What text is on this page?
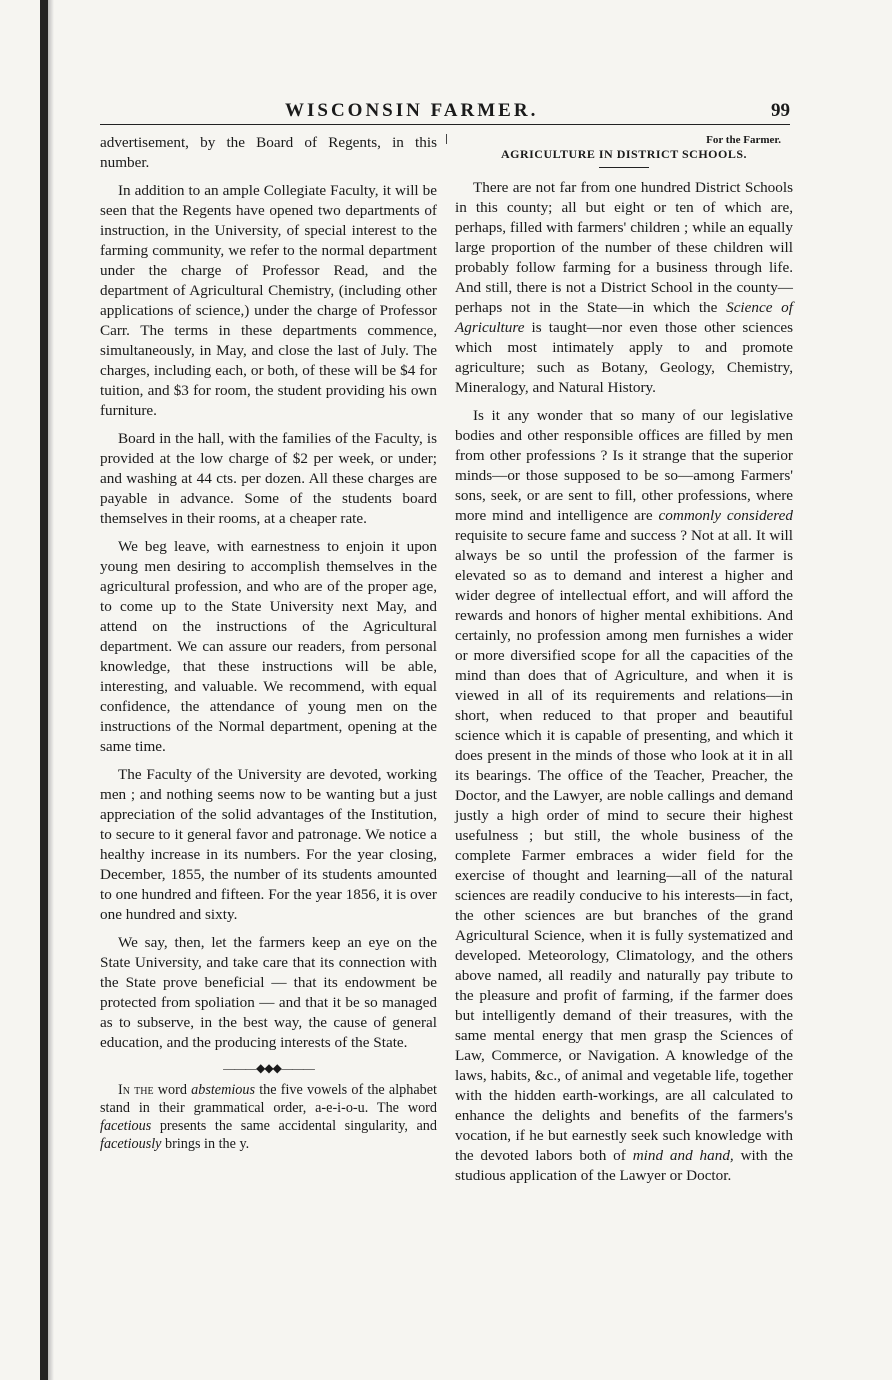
WISCONSIN FARMER.	99

advertisement, by the Board of Regents, in this number.

In addition to an ample Collegiate Faculty, it will be seen that the Regents have opened two departments of instruction, in the University, of special interest to the farming community, we refer to the normal department under the charge of Professor Read, and the department of Agricultural Chemistry, (including other applications of science,) under the charge of Professor Carr. The terms in these departments commence, simultaneously, in May, and close the last of July. The charges, including each, or both, of these will be $4 for tuition, and $3 for room, the student providing his own furniture.

Board in the hall, with the families of the Faculty, is provided at the low charge of $2 per week, or under; and washing at 44 cts. per dozen. All these charges are payable in advance. Some of the students board themselves in their rooms, at a cheaper rate.

We beg leave, with earnestness to enjoin it upon young men desiring to accomplish themselves in the agricultural profession, and who are of the proper age, to come up to the State University next May, and attend on the instructions of the Agricultural department. We can assure our readers, from personal knowledge, that these instructions will be able, interesting, and valuable. We recommend, with equal confidence, the attendance of young men on the instructions of the Normal department, opening at the same time.

The Faculty of the University are devoted, working men ; and nothing seems now to be wanting but a just appreciation of the solid advantages of the Institution, to secure to it general favor and patronage. We notice a healthy increase in its numbers. For the year closing, December, 1855, the number of its students amounted to one hundred and fifteen. For the year 1856, it is over one hundred and sixty.

We say, then, let the farmers keep an eye on the State University, and take care that its connection with the State prove beneficial — that its endowment be protected from spoliation — and that it be so managed as to subserve, in the best way, the cause of general education, and the producing interests of the State.

———◆◆◆———

In the word abstemious the five vowels of the alphabet stand in their grammatical order, a-e-i-o-u. The word facetious presents the same accidental singularity, and facetiously brings in the y.

For the Farmer.
AGRICULTURE IN DISTRICT SCHOOLS.

There are not far from one hundred District Schools in this county; all but eight or ten of which are, perhaps, filled with farmers' children ; while an equally large proportion of the number of these children will probably follow farming for a business through life. And still, there is not a District School in the county— perhaps not in the State—in which the Science of Agriculture is taught—nor even those other sciences which most intimately apply to and promote agriculture; such as Botany, Geology, Chemistry, Mineralogy, and Natural History.

Is it any wonder that so many of our legislative bodies and other responsible offices are filled by men from other professions ? Is it strange that the superior minds—or those supposed to be so—among Farmers' sons, seek, or are sent to fill, other professions, where more mind and intelligence are commonly considered requisite to secure fame and success ? Not at all. It will always be so until the profession of the farmer is elevated so as to demand and interest a higher and wider degree of intellectual effort, and will afford the rewards and honors of higher mental exhibitions. And certainly, no profession among men furnishes a wider or more diversified scope for all the capacities of the mind than does that of Agriculture, and when it is viewed in all of its requirements and relations—in short, when reduced to that proper and beautiful science which it is capable of presenting, and which it does present in the minds of those who look at it in all its bearings. The office of the Teacher, Preacher, the Doctor, and the Lawyer, are noble callings and demand justly a high order of mind to secure their highest usefulness ; but still, the whole business of the complete Farmer embraces a wider field for the exercise of thought and learning—all of the natural sciences are readily conducive to his interests—in fact, the other sciences are but branches of the grand Agricultural Science, when it is fully systematized and developed. Meteorology, Climatology, and the others above named, all readily and naturally pay tribute to the pleasure and profit of farming, if the farmer does but intelligently demand of their treasures, with the same mental energy that men grasp the Sciences of Law, Commerce, or Navigation. A knowledge of the laws, habits, &c., of animal and vegetable life, together with the hidden earth-workings, are all calculated to enhance the delights and benefits of the farmers's vocation, if he but earnestly seek such knowledge with the devoted labors both of mind and hand, with the studious application of the Lawyer or Doctor.
